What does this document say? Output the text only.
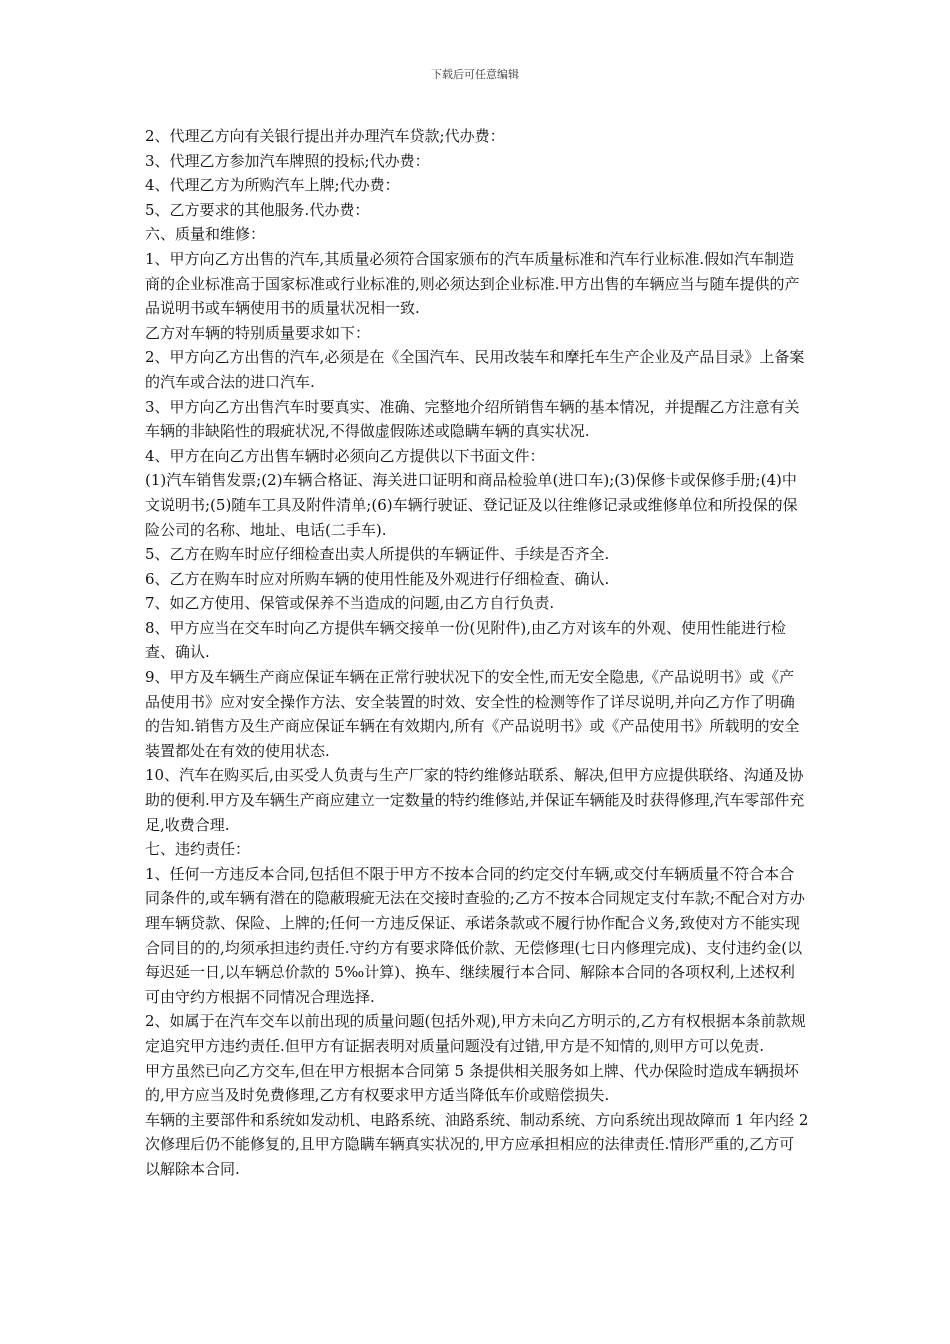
下载后可任意编辑

2、代理乙方向有关银行提出并办理汽车贷款;代办费：

3、代理乙方参加汽车牌照的投标;代办费：

4、代理乙方为所购汽车上牌;代办费：

5、乙方要求的其他服务.代办费：

六、质量和维修：

1、甲方向乙方出售的汽车,其质量必须符合国家颁布的汽车质量标准和汽车行业标准.假如汽车制造商的企业标准高于国家标准或行业标准的,则必须达到企业标准.甲方出售的车辆应当与随车提供的产品说明书或车辆使用书的质量状况相一致.

乙方对车辆的特别质量要求如下：

2、甲方向乙方出售的汽车,必须是在《全国汽车、民用改装车和摩托车生产企业及产品目录》上备案的汽车或合法的进口汽车.

3、甲方向乙方出售汽车时要真实、准确、完整地介绍所销售车辆的基本情况，并提醒乙方注意有关车辆的非缺陷性的瑕疵状况,不得做虚假陈述或隐瞒车辆的真实状况.

4、甲方在向乙方出售车辆时必须向乙方提供以下书面文件：

(1)汽车销售发票;(2)车辆合格证、海关进口证明和商品检验单(进口车);(3)保修卡或保修手册;(4)中文说明书;(5)随车工具及附件清单;(6)车辆行驶证、登记证及以往维修记录或维修单位和所投保的保险公司的名称、地址、电话(二手车).

5、乙方在购车时应仔细检查出卖人所提供的车辆证件、手续是否齐全.

6、乙方在购车时应对所购车辆的使用性能及外观进行仔细检查、确认.

7、如乙方使用、保管或保养不当造成的问题,由乙方自行负责.

8、甲方应当在交车时向乙方提供车辆交接单一份(见附件),由乙方对该车的外观、使用性能进行检查、确认.

9、甲方及车辆生产商应保证车辆在正常行驶状况下的安全性,而无安全隐患,《产品说明书》或《产品使用书》应对安全操作方法、安全装置的时效、安全性的检测等作了详尽说明,并向乙方作了明确的告知.销售方及生产商应保证车辆在有效期内,所有《产品说明书》或《产品使用书》所载明的安全装置都处在有效的使用状态.

10、汽车在购买后,由买受人负责与生产厂家的特约维修站联系、解决,但甲方应提供联络、沟通及协助的便利.甲方及车辆生产商应建立一定数量的特约维修站,并保证车辆能及时获得修理,汽车零部件充足,收费合理.

七、违约责任：

1、任何一方违反本合同,包括但不限于甲方不按本合同的约定交付车辆,或交付车辆质量不符合本合同条件的,或车辆有潜在的隐蔽瑕疵无法在交接时查验的;乙方不按本合同规定支付车款;不配合对方办理车辆贷款、保险、上牌的;任何一方违反保证、承诺条款或不履行协作配合义务,致使对方不能实现合同目的的,均须承担违约责任.守约方有要求降低价款、无偿修理(七日内修理完成)、支付违约金(以每迟延一日,以车辆总价款的 5‰计算)、换车、继续履行本合同、解除本合同的各项权利,上述权利可由守约方根据不同情况合理选择.

2、如属于在汽车交车以前出现的质量问题(包括外观),甲方未向乙方明示的,乙方有权根据本条前款规定追究甲方违约责任.但甲方有证据表明对质量问题没有过错,甲方是不知情的,则甲方可以免责.

甲方虽然已向乙方交车,但在甲方根据本合同第 5 条提供相关服务如上牌、代办保险时造成车辆损坏的,甲方应当及时免费修理,乙方有权要求甲方适当降低车价或赔偿损失.

车辆的主要部件和系统如发动机、电路系统、油路系统、制动系统、方向系统出现故障而 1 年内经 2 次修理后仍不能修复的,且甲方隐瞒车辆真实状况的,甲方应承担相应的法律责任.情形严重的,乙方可以解除本合同.
